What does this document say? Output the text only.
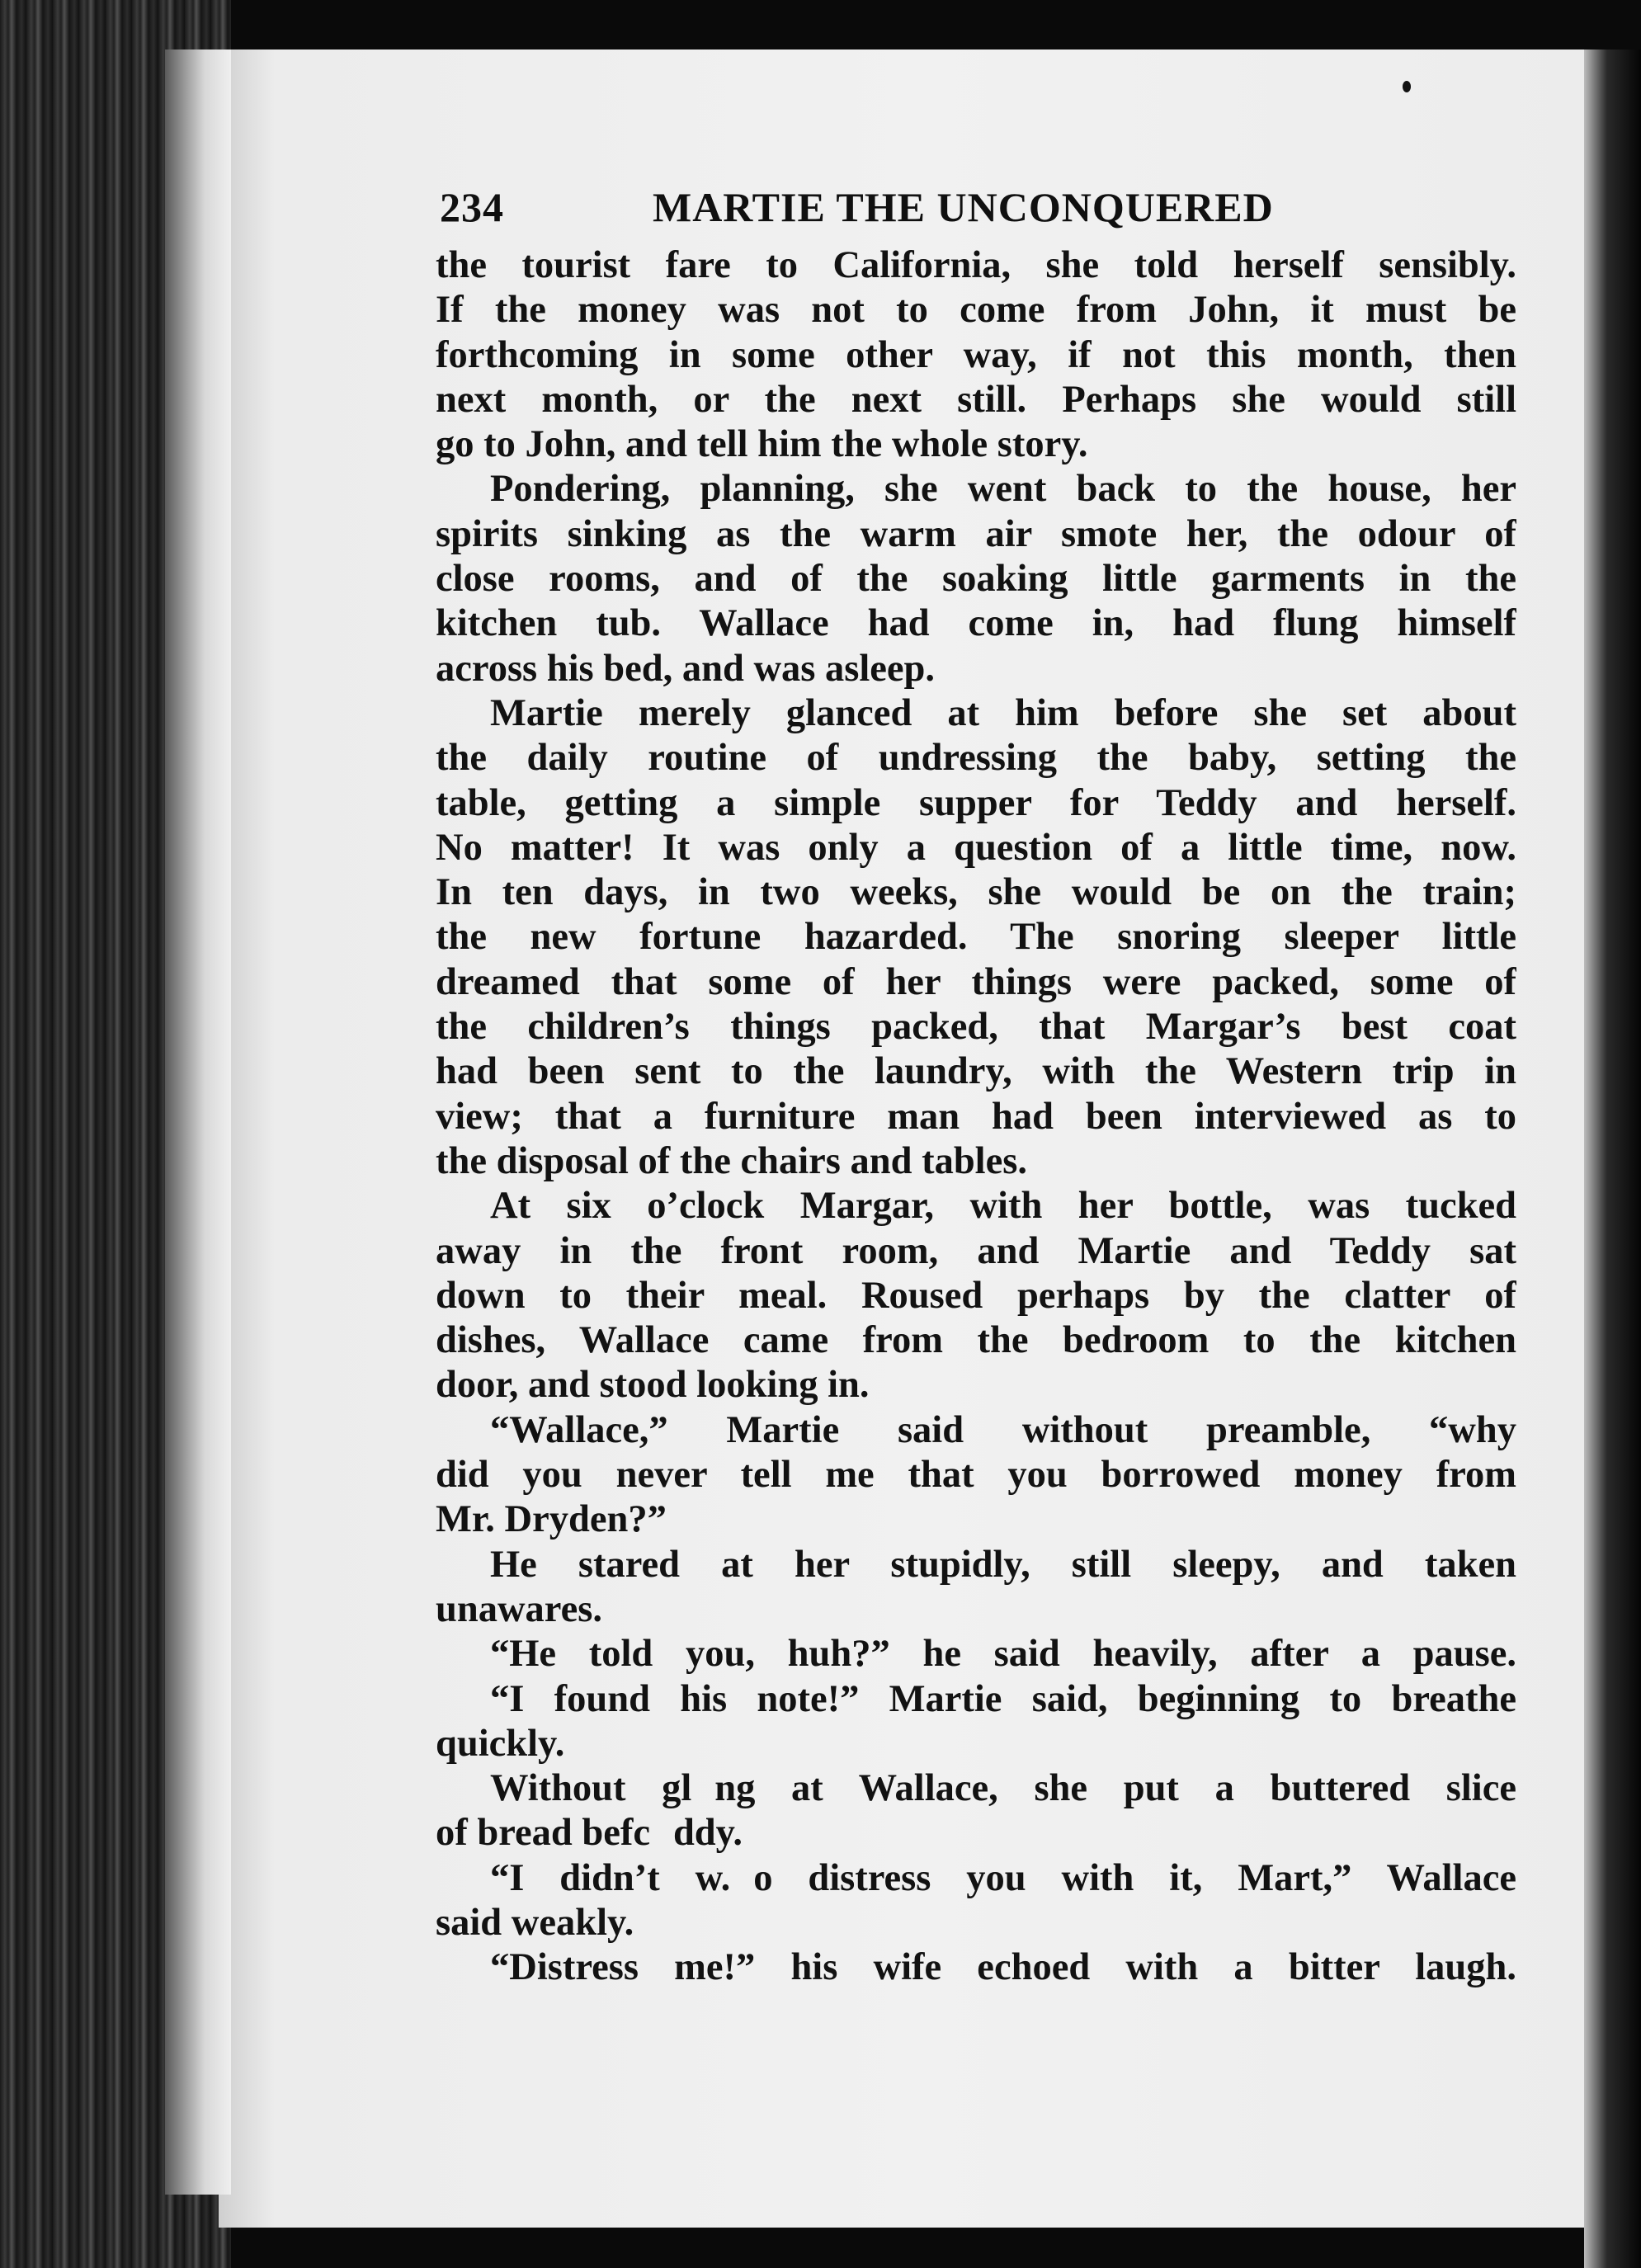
234	MARTIE THE UNCONQUERED
the tourist fare to California, she told herself sensibly.
If the money was not to come from John, it must be
forthcoming in some other way, if not this month, then
next month, or the next still. Perhaps she would still
go to John, and tell him the whole story.
Pondering, planning, she went back to the house, her
spirits sinking as the warm air smote her, the odour of
close rooms, and of the soaking little garments in the
kitchen tub. Wallace had come in, had flung himself
across his bed, and was asleep.
Martie merely glanced at him before she set about
the daily routine of undressing the baby, setting the
table, getting a simple supper for Teddy and herself.
No matter! It was only a question of a little time, now.
In ten days, in two weeks, she would be on the train;
the new fortune hazarded. The snoring sleeper little
dreamed that some of her things were packed, some of
the children’s things packed, that Margar’s best coat
had been sent to the laundry, with the Western trip in
view; that a furniture man had been interviewed as to
the disposal of the chairs and tables.
At six o’clock Margar, with her bottle, was tucked
away in the front room, and Martie and Teddy sat
down to their meal. Roused perhaps by the clatter of
dishes, Wallace came from the bedroom to the kitchen
door, and stood looking in.
“Wallace,” Martie said without preamble, “why
did you never tell me that you borrowed money from
Mr. Dryden?”
He stared at her stupidly, still sleepy, and taken
unawares.
“He told you, huh?” he said heavily, after a pause.
“I found his note!” Martie said, beginning to breathe
quickly.
Without gl   ng at Wallace, she put a buttered slice
of bread befc   ddy.
“I didn’t w.   o distress you with it, Mart,” Wallace
said weakly.
“Distress me!” his wife echoed with a bitter laugh.
